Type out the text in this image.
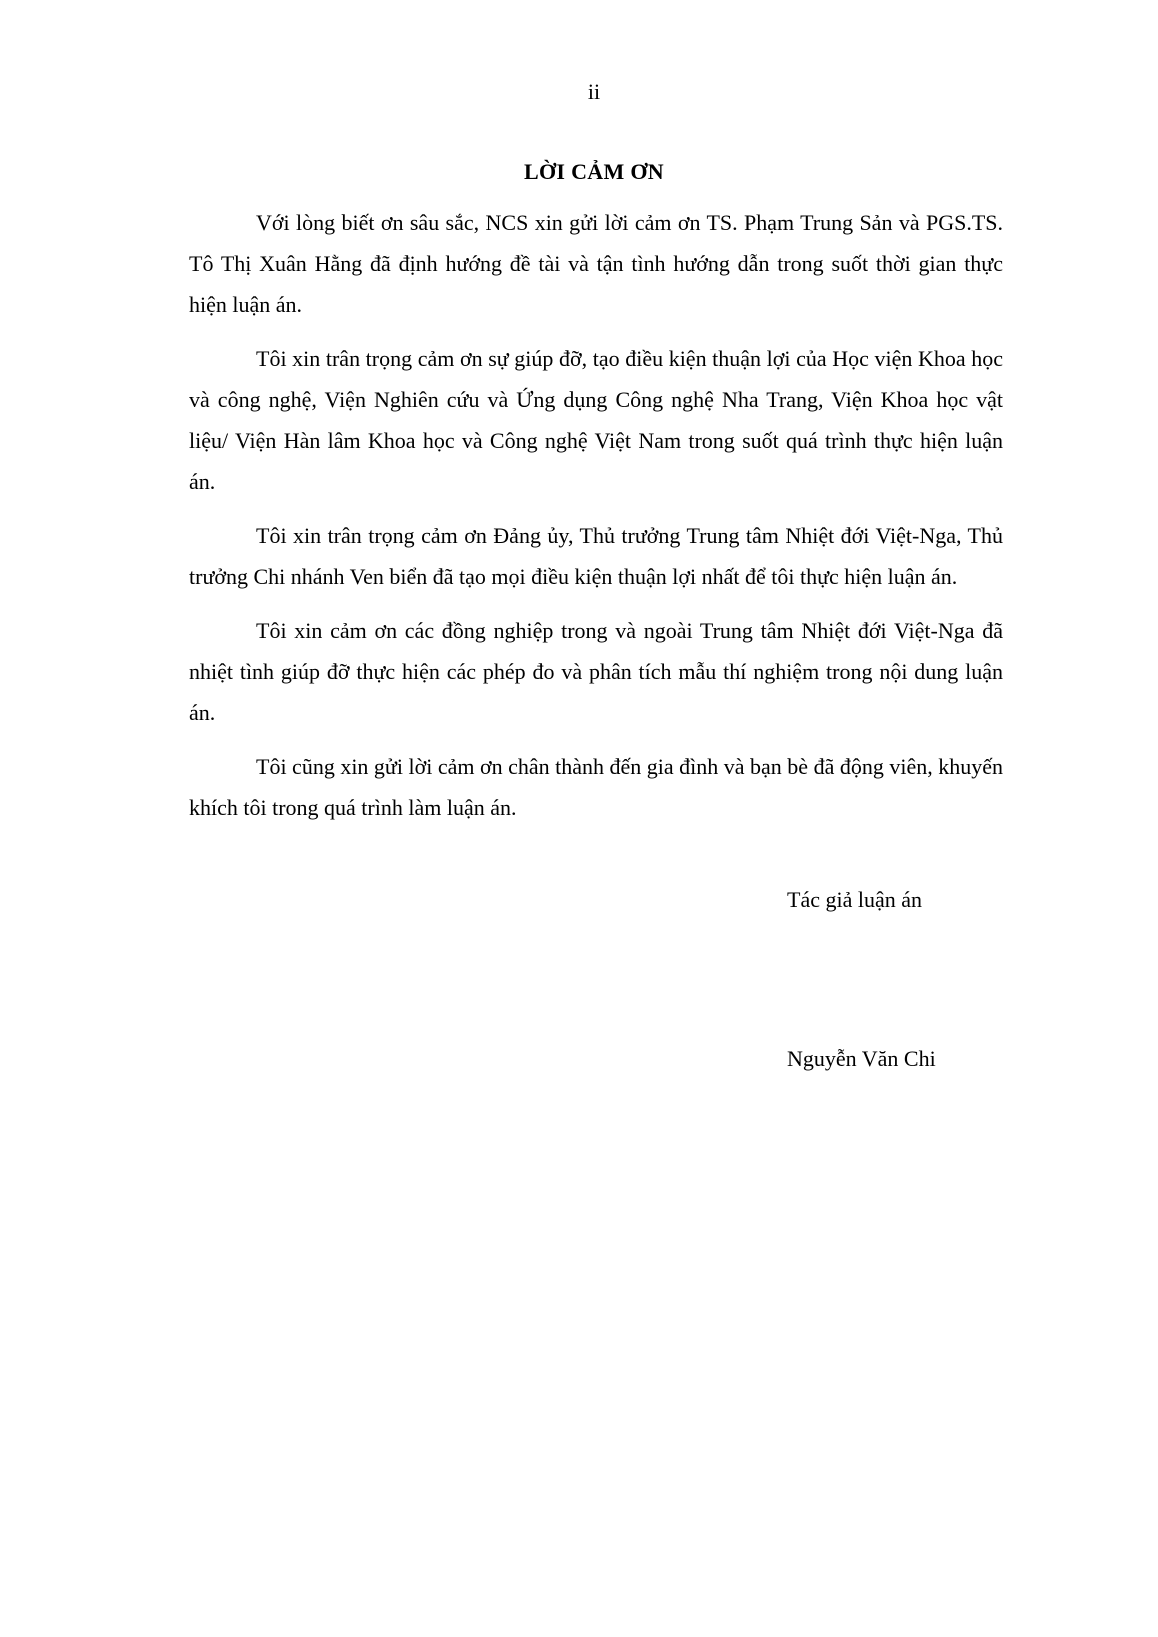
ii
LỜI CẢM ƠN

Với lòng biết ơn sâu sắc, NCS xin gửi lời cảm ơn TS. Phạm Trung Sản và PGS.TS. Tô Thị Xuân Hằng đã định hướng đề tài và tận tình hướng dẫn trong suốt thời gian thực hiện luận án.

Tôi xin trân trọng cảm ơn sự giúp đỡ, tạo điều kiện thuận lợi của Học viện Khoa học và công nghệ, Viện Nghiên cứu và Ứng dụng Công nghệ Nha Trang, Viện Khoa học vật liệu/ Viện Hàn lâm Khoa học và Công nghệ Việt Nam trong suốt quá trình thực hiện luận án.

Tôi xin trân trọng cảm ơn Đảng ủy, Thủ trưởng Trung tâm Nhiệt đới Việt-Nga, Thủ trưởng Chi nhánh Ven biển đã tạo mọi điều kiện thuận lợi nhất để tôi thực hiện luận án.

Tôi xin cảm ơn các đồng nghiệp trong và ngoài Trung tâm Nhiệt đới Việt-Nga đã nhiệt tình giúp đỡ thực hiện các phép đo và phân tích mẫu thí nghiệm trong nội dung luận án.

Tôi cũng xin gửi lời cảm ơn chân thành đến gia đình và bạn bè đã động viên, khuyến khích tôi trong quá trình làm luận án.

Tác giả luận án
Nguyễn Văn Chi
